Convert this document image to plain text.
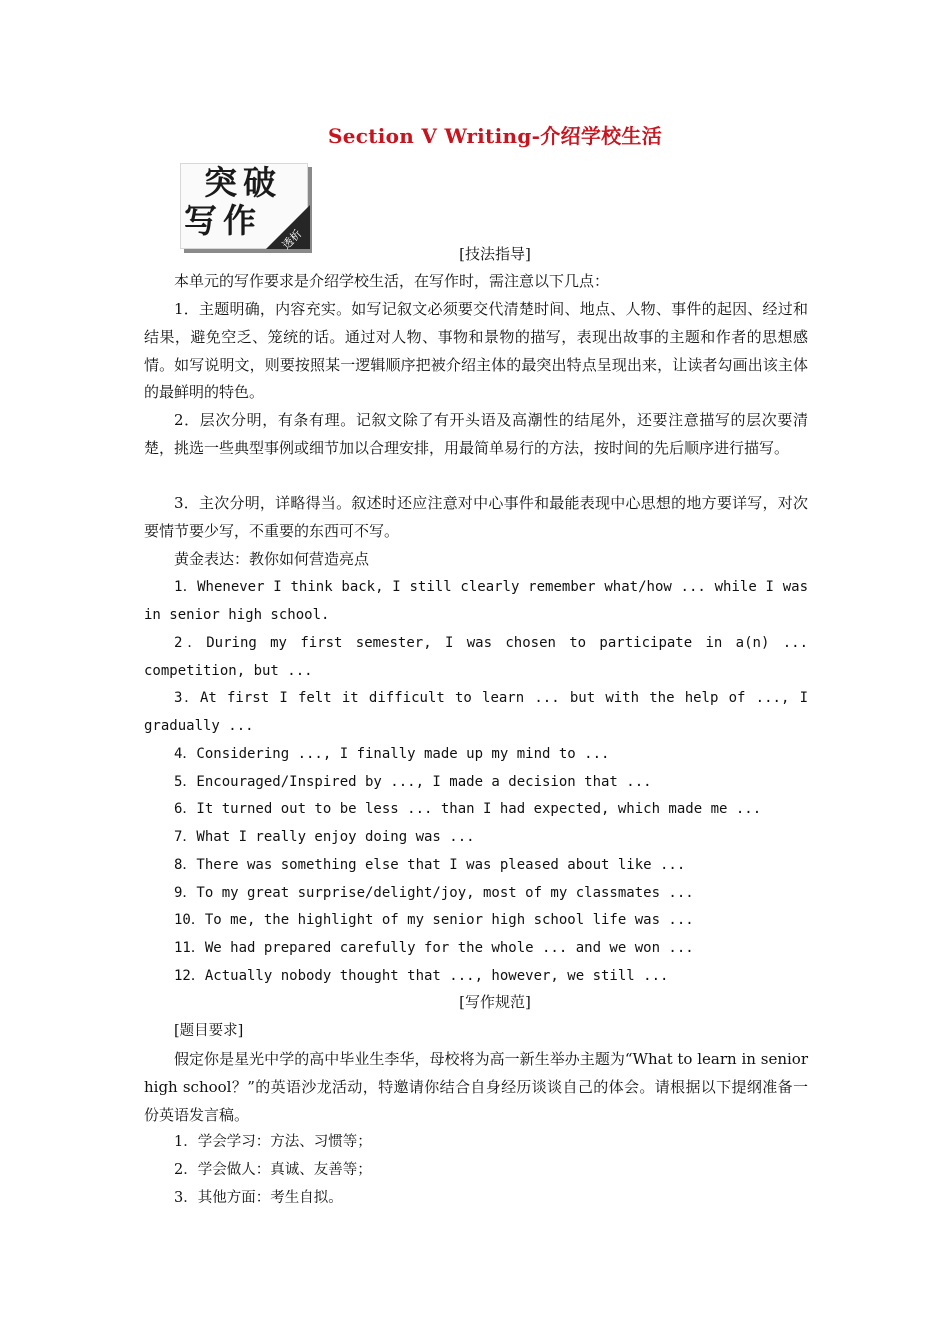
Section Ⅴ Writing-介绍学校生活
突破
写作 透析
[技法指导]
本单元的写作要求是介绍学校生活，在写作时，需注意以下几点：
1．主题明确，内容充实。如写记叙文必须要交代清楚时间、地点、人物、事件的起因、经过和结果，避免空乏、笼统的话。通过对人物、事物和景物的描写，表现出故事的主题和作者的思想感情。如写说明文，则要按照某一逻辑顺序把被介绍主体的最突出特点呈现出来，让读者勾画出该主体的最鲜明的特色。
2．层次分明，有条有理。记叙文除了有开头语及高潮性的结尾外，还要注意描写的层次要清楚，挑选一些典型事例或细节加以合理安排，用最简单易行的方法，按时间的先后顺序进行描写。
3．主次分明，详略得当。叙述时还应注意对中心事件和最能表现中心思想的地方要详写，对次要情节要少写，不重要的东西可不写。
黄金表达：教你如何营造亮点
1．Whenever I think back, I still clearly remember what/how ... while I was in senior high school.
2．During my first semester, I was chosen to participate in a(n) ... competition, but ...
3．At first I felt it difficult to learn ... but with the help of ..., I gradually ...
4．Considering ..., I finally made up my mind to ...
5．Encouraged/Inspired by ..., I made a decision that ...
6．It turned out to be less ... than I had expected, which made me ...
7．What I really enjoy doing was ...
8．There was something else that I was pleased about like ...
9．To my great surprise/delight/joy, most of my classmates ...
10．To me, the highlight of my senior high school life was ...
11．We had prepared carefully for the whole ... and we won ...
12．Actually nobody thought that ..., however, we still ...
[写作规范]
[题目要求]
假定你是星光中学的高中毕业生李华，母校将为高一新生举办主题为“What to learn in senior high school？”的英语沙龙活动，特邀请你结合自身经历谈谈自己的体会。请根据以下提纲准备一份英语发言稿。
1．学会学习：方法、习惯等；
2．学会做人：真诚、友善等；
3．其他方面：考生自拟。
